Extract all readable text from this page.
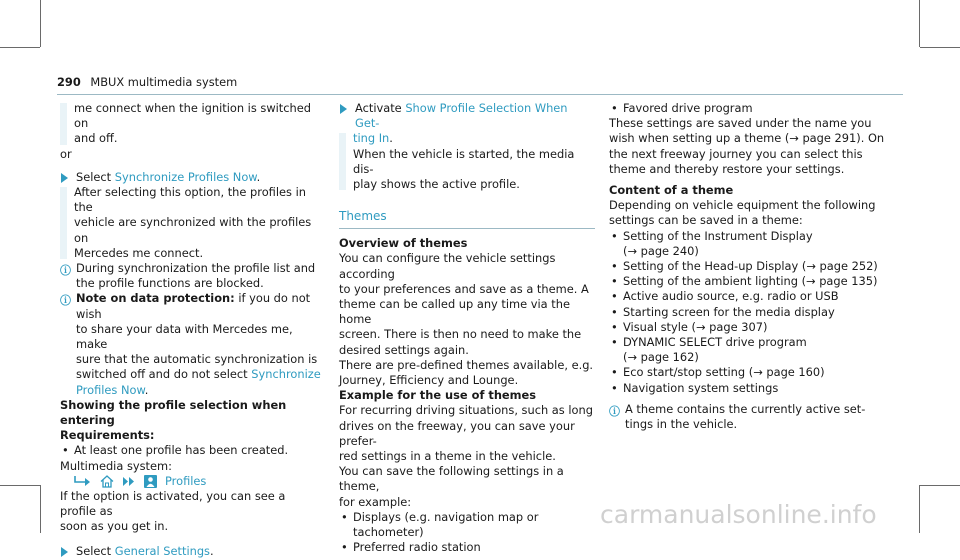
290 MBUX multimedia system

me connect when the ignition is switched on

and off.

or

Select Synchronize Profiles Now.

After selecting this option, the profiles in the

vehicle are synchronized with the profiles on

Mercedes me connect.

ⓘ During synchronization the profile list and

the profile functions are blocked.

ⓘ Note on data protection: if you do not wish

to share your data with Mercedes me, make

sure that the automatic synchronization is

switched off and do not select Synchronize

Profiles Now.

Showing the profile selection when entering

Requirements:

• At least one profile has been created.

Multimedia system:

Profiles

If the option is activated, you can see a profile as

soon as you get in.

Select General Settings.

Activate Show Profile Selection When Get-

ting In.

When the vehicle is started, the media dis-

play shows the active profile.

Themes

Overview of themes

You can configure the vehicle settings according

to your preferences and save as a theme. A

theme can be called up any time via the home

screen. There is then no need to make the

desired settings again.

There are pre-defined themes available, e.g.

Journey, Efficiency and Lounge.

Example for the use of themes

For recurring driving situations, such as long

drives on the freeway, you can save your prefer-

red settings in a theme in the vehicle.

You can save the following settings in a theme,

for example:

• Displays (e.g. navigation map or tachometer)

• Preferred radio station

• Favored drive program

These settings are saved under the name you

wish when setting up a theme (→ page 291). On

the next freeway journey you can select this

theme and thereby restore your settings.

Content of a theme

Depending on vehicle equipment the following

settings can be saved in a theme:

• Setting of the Instrument Display

(→ page 240)

• Setting of the Head-up Display (→ page 252)

• Setting of the ambient lighting (→ page 135)

• Active audio source, e.g. radio or USB

• Starting screen for the media display

• Visual style (→ page 307)

• DYNAMIC SELECT drive program

(→ page 162)

• Eco start/stop setting (→ page 160)

• Navigation system settings

ⓘ A theme contains the currently active set-

tings in the vehicle.

carmanualsonline.info
